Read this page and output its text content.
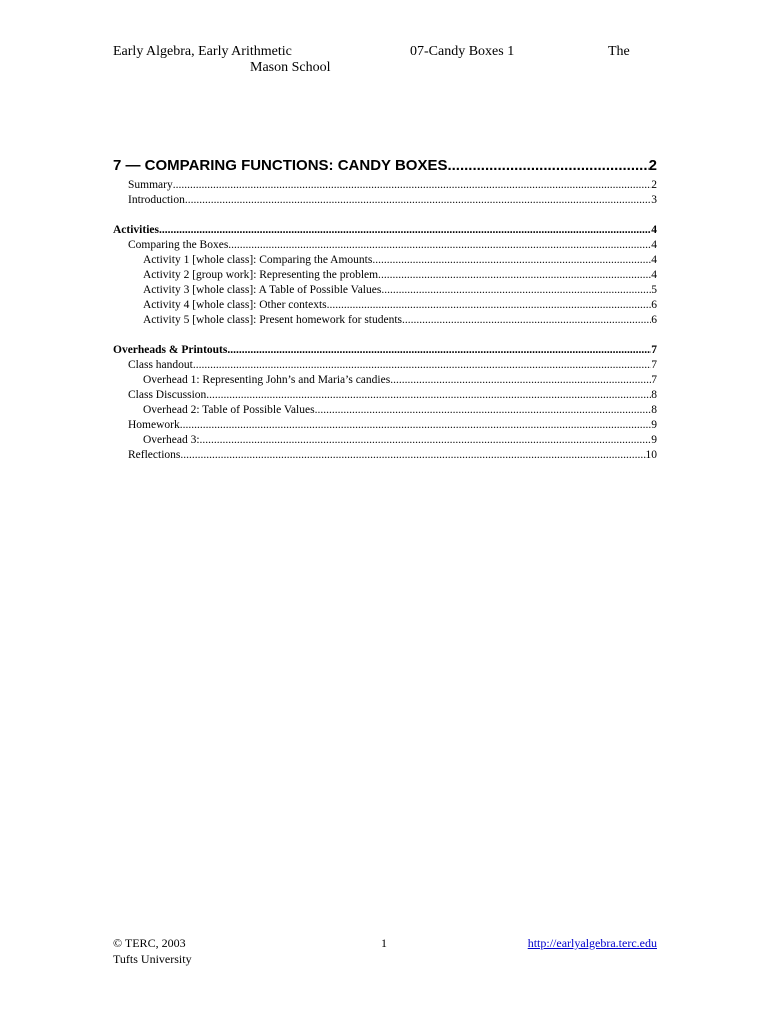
Early Algebra, Early Arithmetic	07-Candy Boxes 1	The
Mason School
7 — COMPARING FUNCTIONS: CANDY BOXES .....	2
Summary .....	2
Introduction .....	3
Activities .....	4
Comparing the Boxes .....	4
Activity 1 [whole class]: Comparing the Amounts .....	4
Activity 2 [group work]: Representing the problem. .....	4
Activity 3 [whole class]: A Table of Possible Values .....	5
Activity 4 [whole class]: Other contexts .....	6
Activity 5 [whole class]: Present homework for students .....	6
Overheads & Printouts .....	7
Class handout .....	7
Overhead 1: Representing John’s and Maria’s candies .....	7
Class Discussion .....	8
Overhead 2: Table of Possible Values .....	8
Homework .....	9
Overhead 3: .....	9
Reflections .....	10
© TERC, 2003
Tufts University
1	http://earlyalgebra.terc.edu
